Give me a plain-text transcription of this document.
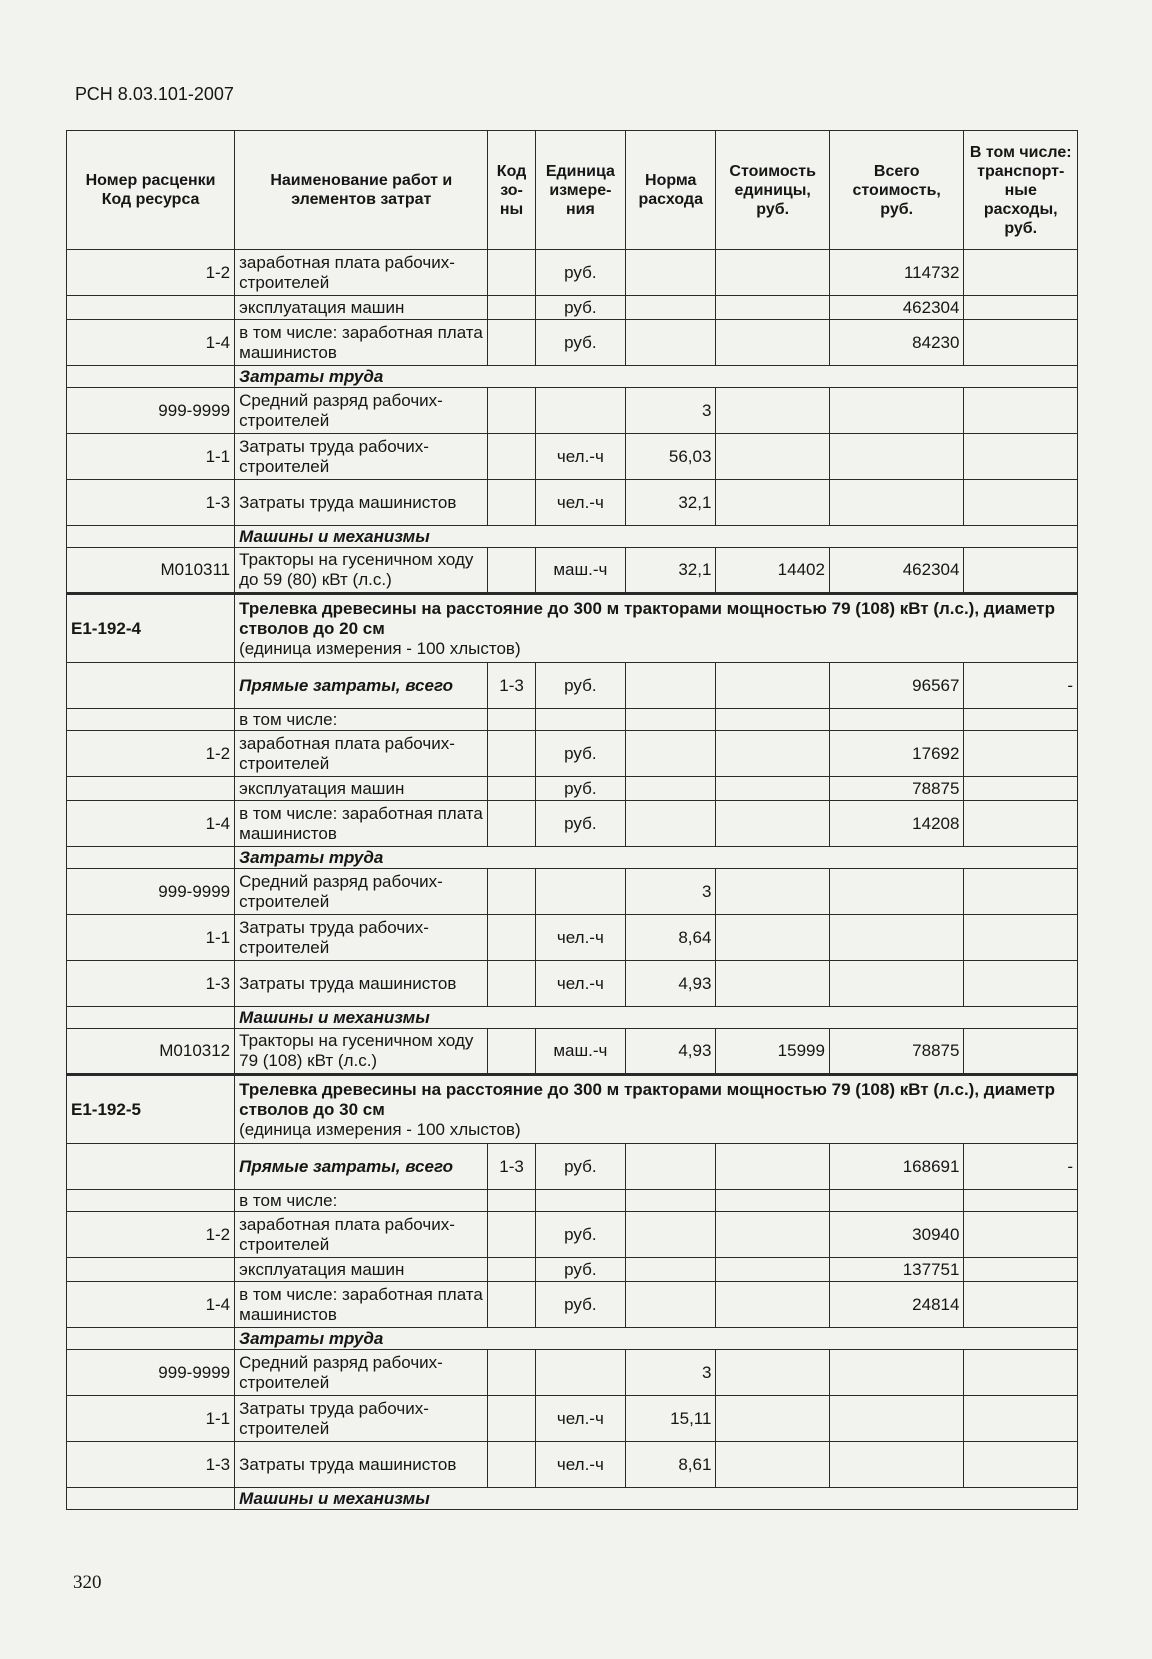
РСН 8.03.101-2007
Номер расценки Код ресурса	Наименование работ и элементов затрат	Код зо-ны	Единица измере-ния	Норма расхода	Стоимость единицы, руб.	Всего стоимость, руб.	В том числе: транспорт-ные расходы, руб.
1-2	заработная плата рабочих-строителей		руб.			114732	
	эксплуатация машин		руб.			462304	
1-4	в том числе: заработная плата машинистов		руб.			84230	
	Затраты труда						
999-9999	Средний разряд рабочих-строителей			3			
1-1	Затраты труда рабочих-строителей		чел.-ч	56,03			
1-3	Затраты труда машинистов		чел.-ч	32,1			
	Машины и механизмы						
М010311	Тракторы на гусеничном ходу до 59 (80) кВт (л.с.)		маш.-ч	32,1	14402	462304	
Е1-192-4	Трелевка древесины на расстояние до 300 м тракторами мощностью 79 (108) кВт (л.с.), диаметр стволов до 20 см
(единица измерения - 100 хлыстов)						

	Прямые затраты, всего	1-3	руб.			96567	-
	в том числе:						
1-2	заработная плата рабочих-строителей		руб.			17692	
	эксплуатация машин		руб.			78875	
1-4	в том числе: заработная плата машинистов		руб.			14208	
	Затраты труда						
999-9999	Средний разряд рабочих-строителей			3			
1-1	Затраты труда рабочих-строителей		чел.-ч	8,64			
1-3	Затраты труда машинистов		чел.-ч	4,93			
	Машины и механизмы						
М010312	Тракторы на гусеничном ходу 79 (108) кВт (л.с.)		маш.-ч	4,93	15999	78875	
Е1-192-5	Трелевка древесины на расстояние до 300 м тракторами мощностью 79 (108) кВт (л.с.), диаметр стволов до 30 см
(единица измерения - 100 хлыстов)						

	Прямые затраты, всего	1-3	руб.			168691	-
	в том числе:						
1-2	заработная плата рабочих-строителей		руб.			30940	
	эксплуатация машин		руб.			137751	
1-4	в том числе: заработная плата машинистов		руб.			24814	
	Затраты труда						
999-9999	Средний разряд рабочих-строителей			3			
1-1	Затраты труда рабочих-строителей		чел.-ч	15,11			
1-3	Затраты труда машинистов		чел.-ч	8,61			
	Машины и механизмы						
320
